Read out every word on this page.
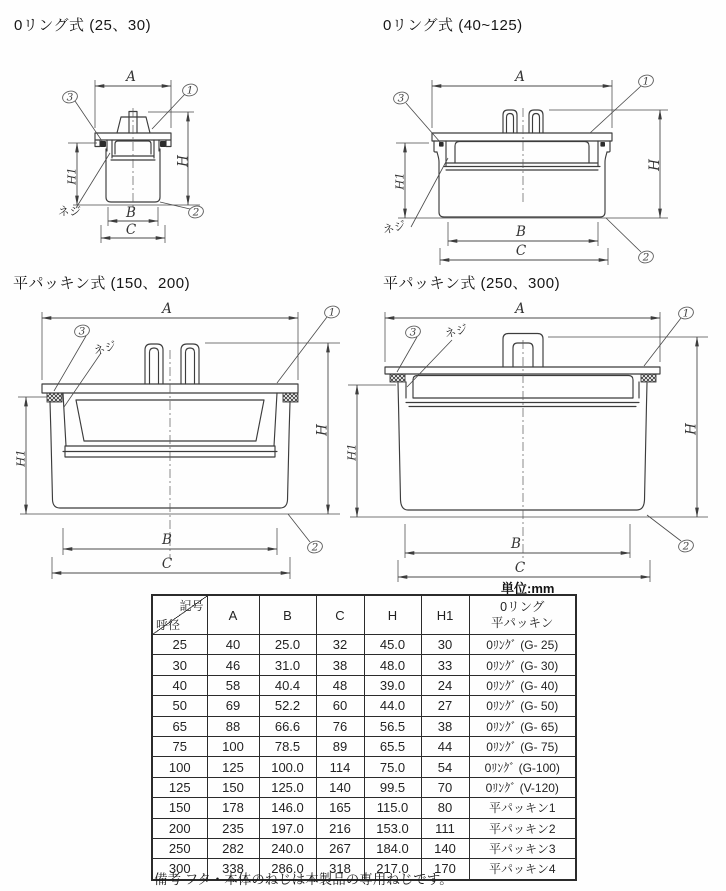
0リング式 (25、30)	0リング式 (40~125)
平パッキン式 (150、200)	平パッキン式 (250、300)
A
H
H1
B
C
3
1
2
ネジ
A
H
H1
B
C
1
3
2
ネジ
A
H
H1
B
C
1
3
2
ネジ
A
H
H1
B
C
1
3
2
ネジ
単位:mm
記号
呼径
	A	B	C	H	H1	
0リング
平パッキン

25	40	25.0	32	45.0	30	0ﾘﾝｸﾞ (G- 25)
30	46	31.0	38	48.0	33	0ﾘﾝｸﾞ (G- 30)
40	58	40.4	48	39.0	24	0ﾘﾝｸﾞ (G- 40)
50	69	52.2	60	44.0	27	0ﾘﾝｸﾞ (G- 50)
65	88	66.6	76	56.5	38	0ﾘﾝｸﾞ (G- 65)
75	100	78.5	89	65.5	44	0ﾘﾝｸﾞ (G- 75)
100	125	100.0	114	75.0	54	0ﾘﾝｸﾞ (G-100)
125	150	125.0	140	99.5	70	0ﾘﾝｸﾞ (V-120)
150	178	146.0	165	115.0	80	平パッキン1
200	235	197.0	216	153.0	111	平パッキン2
250	282	240.0	267	184.0	140	平パッキン3
300	338	286.0	318	217.0	170	平パッキン4
備考 フタ・本体のねじは本製品の専用ねじです。
